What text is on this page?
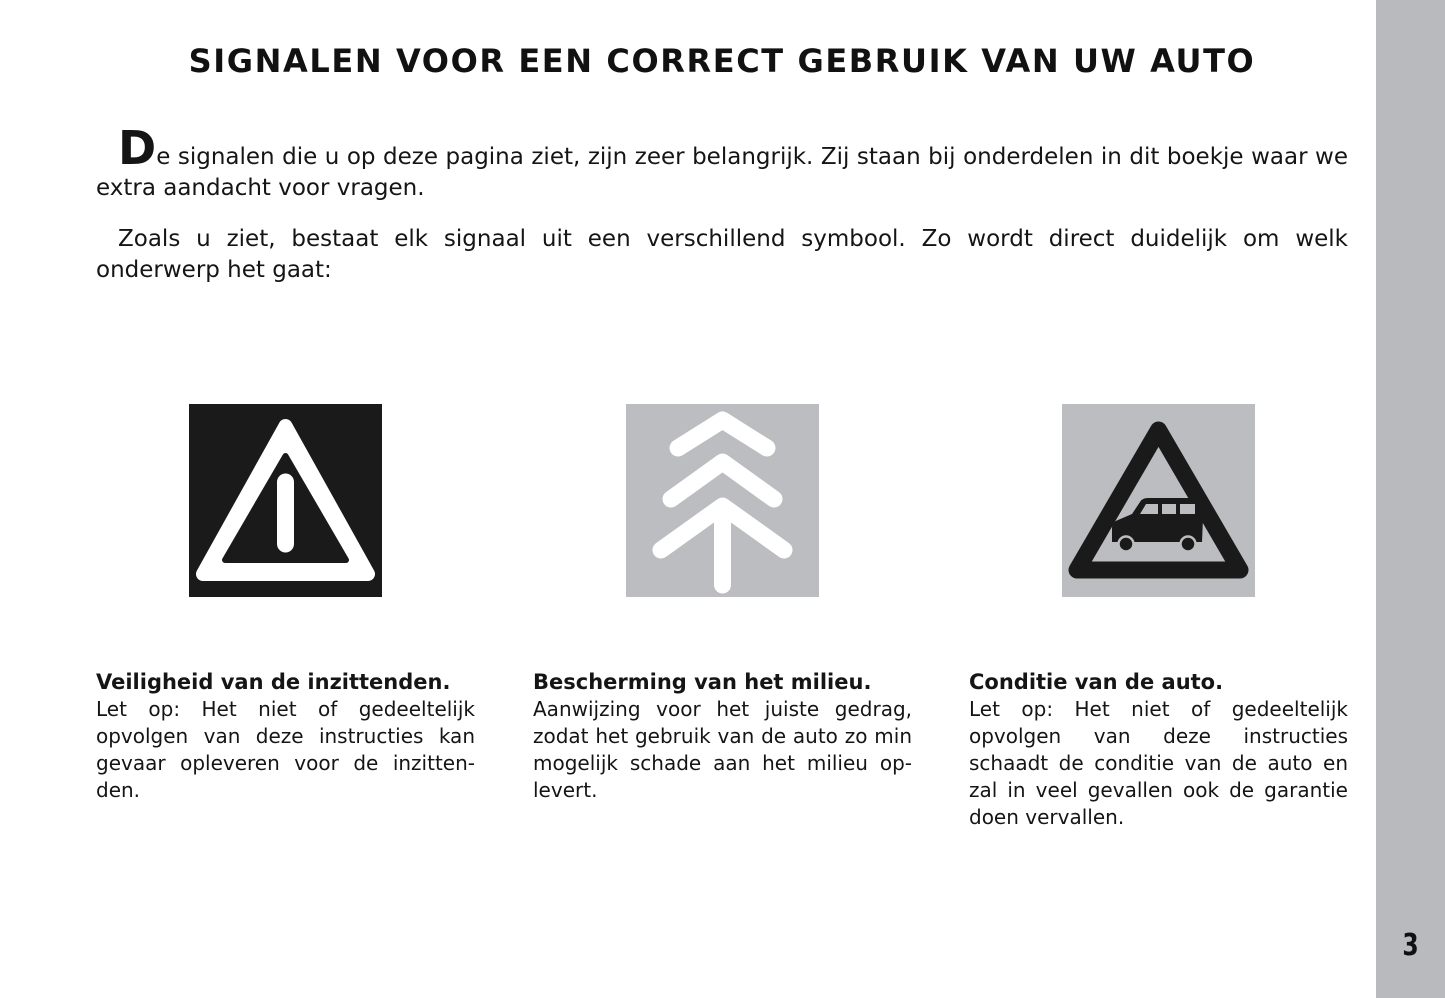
3
SIGNALEN VOOR EEN CORRECT GEBRUIK VAN UW AUTO
De signalen die u op deze pagina ziet, zijn zeer belangrijk. Zij staan bij onderdelen in dit boekje waar we extra aandacht voor vragen.
Zoals u ziet, bestaat elk signaal uit een verschillend symbool. Zo wordt direct duidelijk om welk onderwerp het gaat:
Veiligheid van de inzittenden.
Let op: Het niet of gedeeltelijk opvolgen van deze instructies kan gevaar opleveren voor de inzittenden.
Bescherming van het milieu.
Aanwijzing voor het juiste gedrag, zodat het gebruik van de auto zo min mogelijk schade aan het milieu oplevert.
Conditie van de auto.
Let op: Het niet of gedeeltelijk opvolgen van deze instructies schaadt de conditie van de auto en zal in veel gevallen ook de garantie doen vervallen.
